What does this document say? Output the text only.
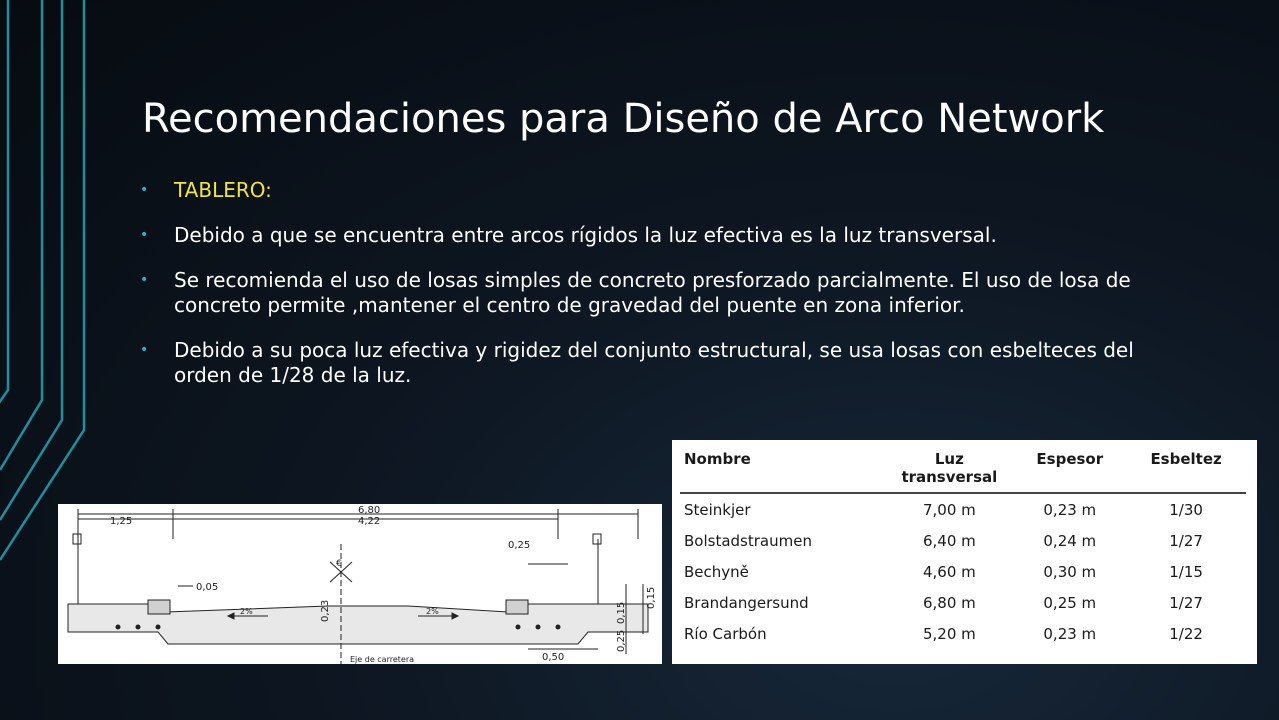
Recomendaciones para Diseño de Arco Network
• TABLERO:
• Debido a que se encuentra entre arcos rígidos la luz efectiva es la luz transversal.
• Se recomienda el uso de losas simples de concreto presforzado parcialmente. El uso de losa de concreto permite ,mantener el centro de gravedad del puente en zona inferior.
• Debido a su poca luz efectiva y rigidez del conjunto estructural, se usa losas con esbelteces del orden de 1/28 de la luz.
6,80
4,22
1,25
0,25
0,05
€
2%	2%
Eje de carretera	0,50
0,23	0,15
0,15
0,25
Nombre	Luz transversal	Espesor	Esbeltez
Steinkjer	7,00 m	0,23 m	1/30
Bolstadstraumen	6,40 m	0,24 m	1/27
Bechyně	4,60 m	0,30 m	1/15
Brandangersund	6,80 m	0,25 m	1/27
Río Carbón	5,20 m	0,23 m	1/22
